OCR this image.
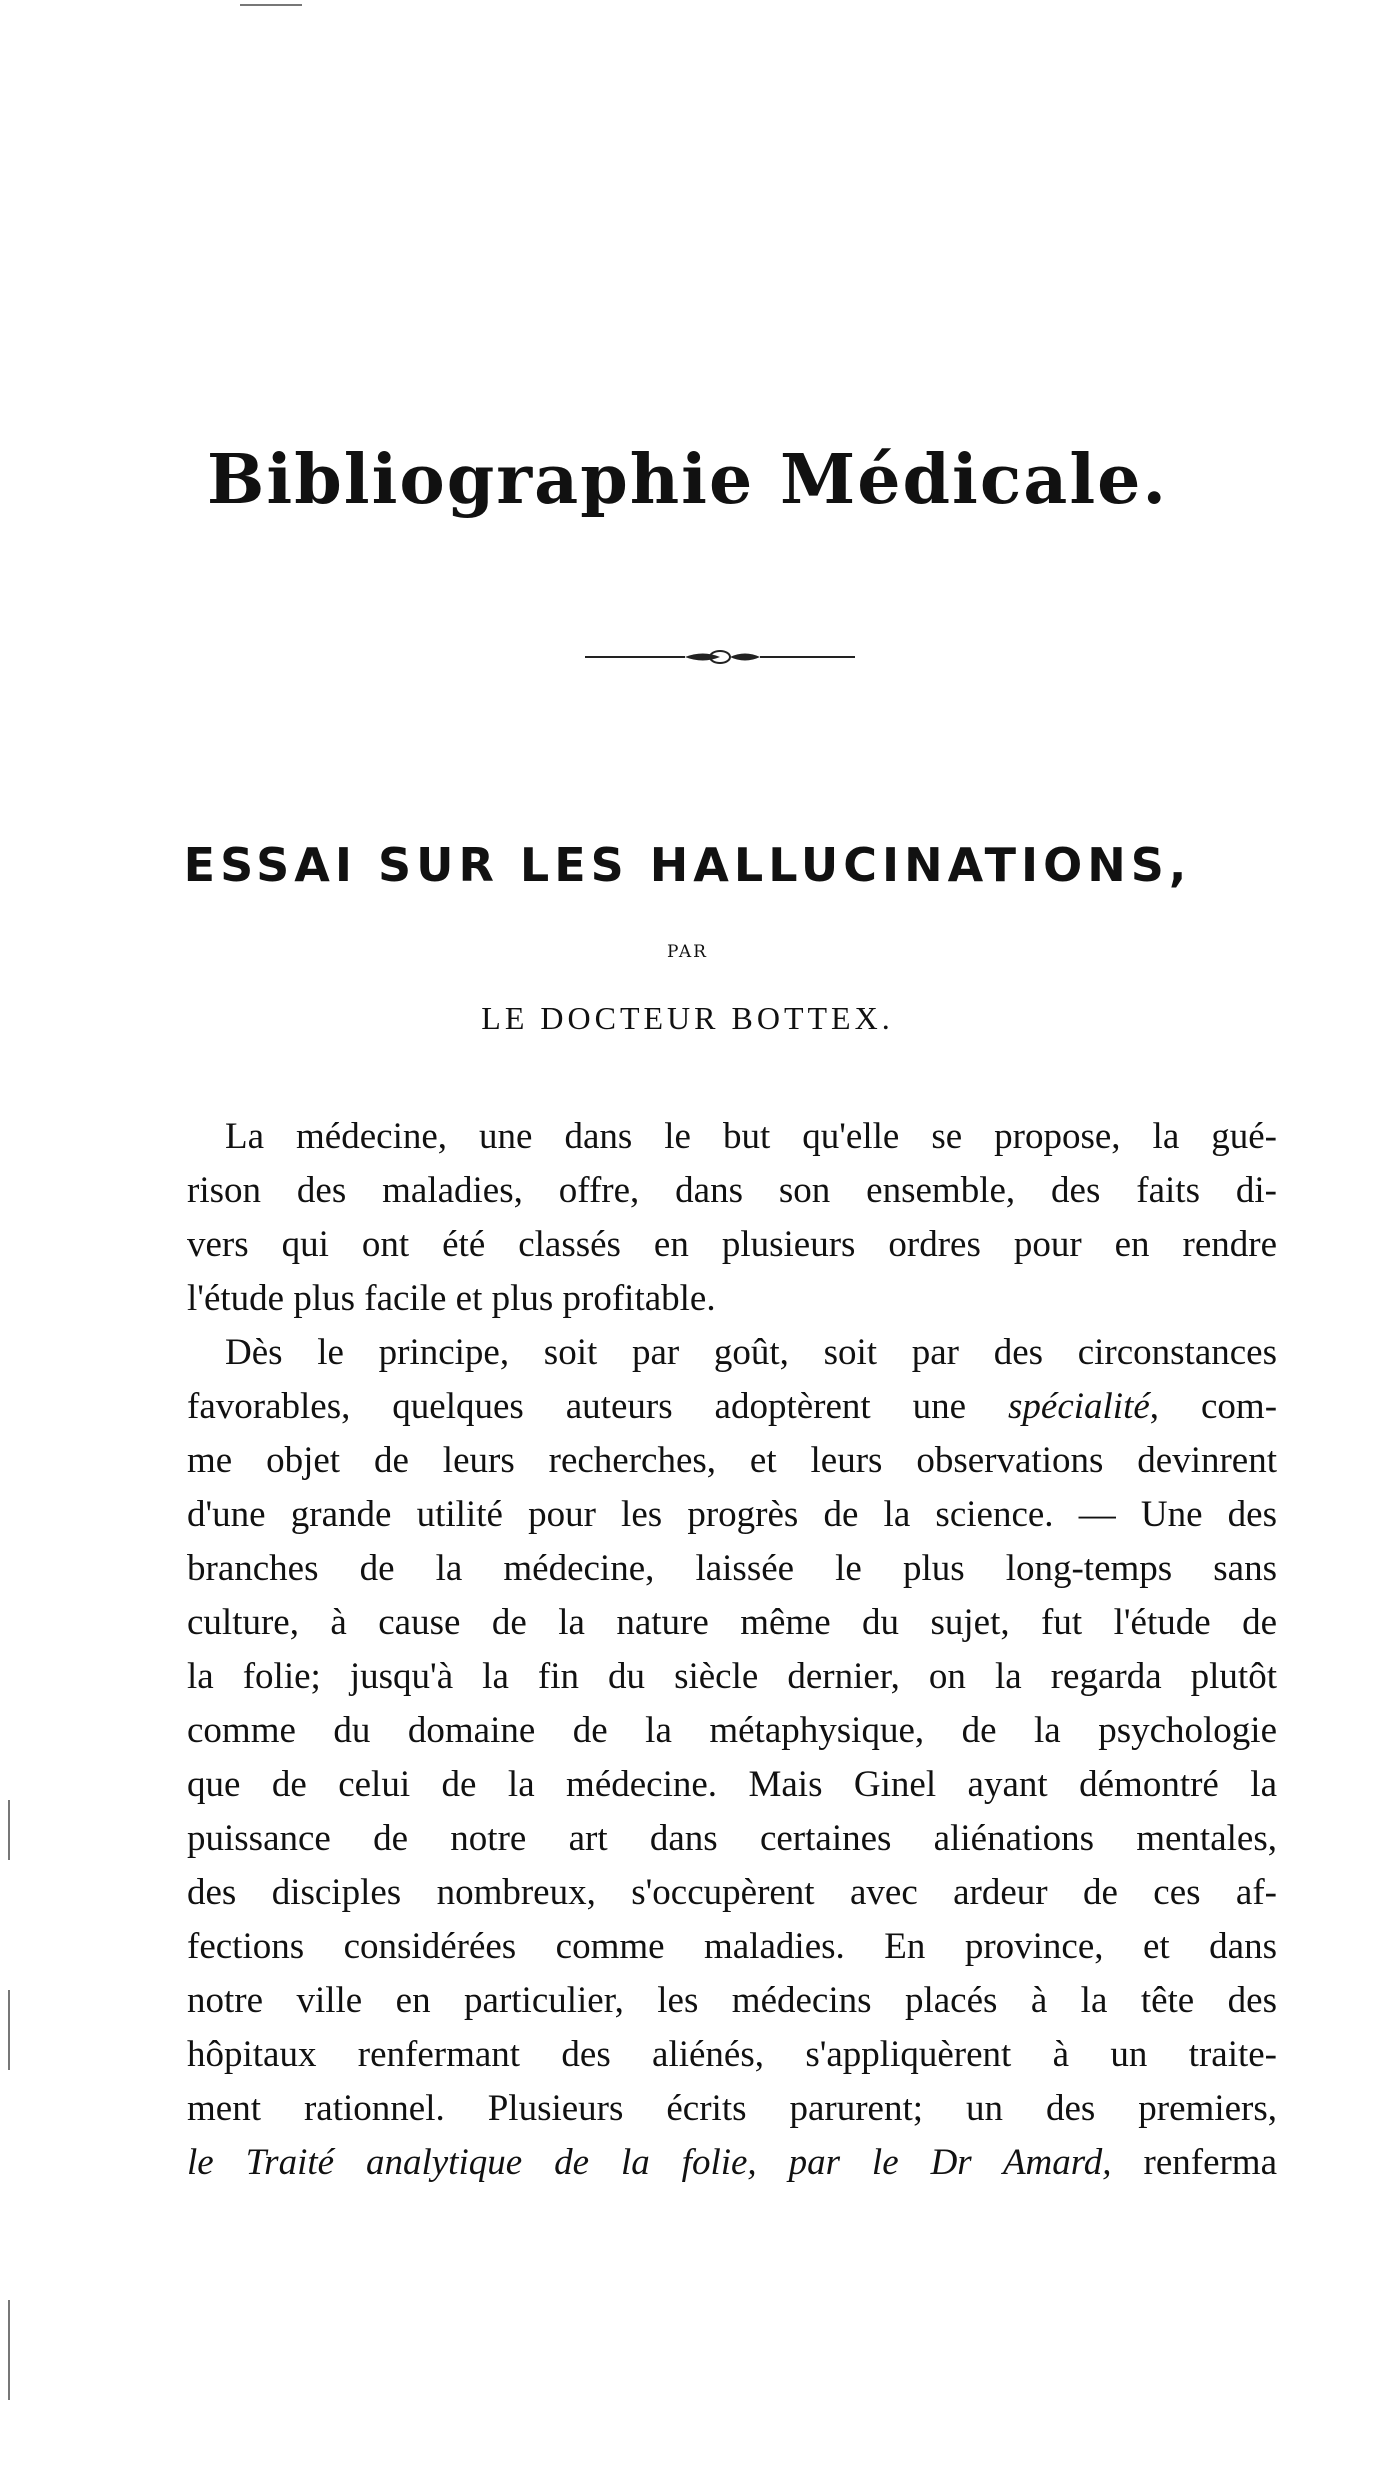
Bibliographie Médicale.
ESSAI SUR LES HALLUCINATIONS,
PAR
LE DOCTEUR BOTTEX.
La médecine, une dans le but qu'elle se propose, la gué-
rison des maladies, offre, dans son ensemble, des faits di-
vers qui ont été classés en plusieurs ordres pour en rendre
l'étude plus facile et plus profitable.
Dès le principe, soit par goût, soit par des circonstances
favorables, quelques auteurs adoptèrent une spécialité, com-
me objet de leurs recherches, et leurs observations devinrent
d'une grande utilité pour les progrès de la science. — Une des
branches de la médecine, laissée le plus long-temps sans
culture, à cause de la nature même du sujet, fut l'étude de
la folie; jusqu'à la fin du siècle dernier, on la regarda plutôt
comme du domaine de la métaphysique, de la psychologie
que de celui de la médecine. Mais Ginel ayant démontré la
puissance de notre art dans certaines aliénations mentales,
des disciples nombreux, s'occupèrent avec ardeur de ces af-
fections considérées comme maladies. En province, et dans
notre ville en particulier, les médecins placés à la tête des
hôpitaux renfermant des aliénés, s'appliquèrent à un traite-
ment rationnel. Plusieurs écrits parurent; un des premiers,
le Traité analytique de la folie, par le Dr Amard, renferma
